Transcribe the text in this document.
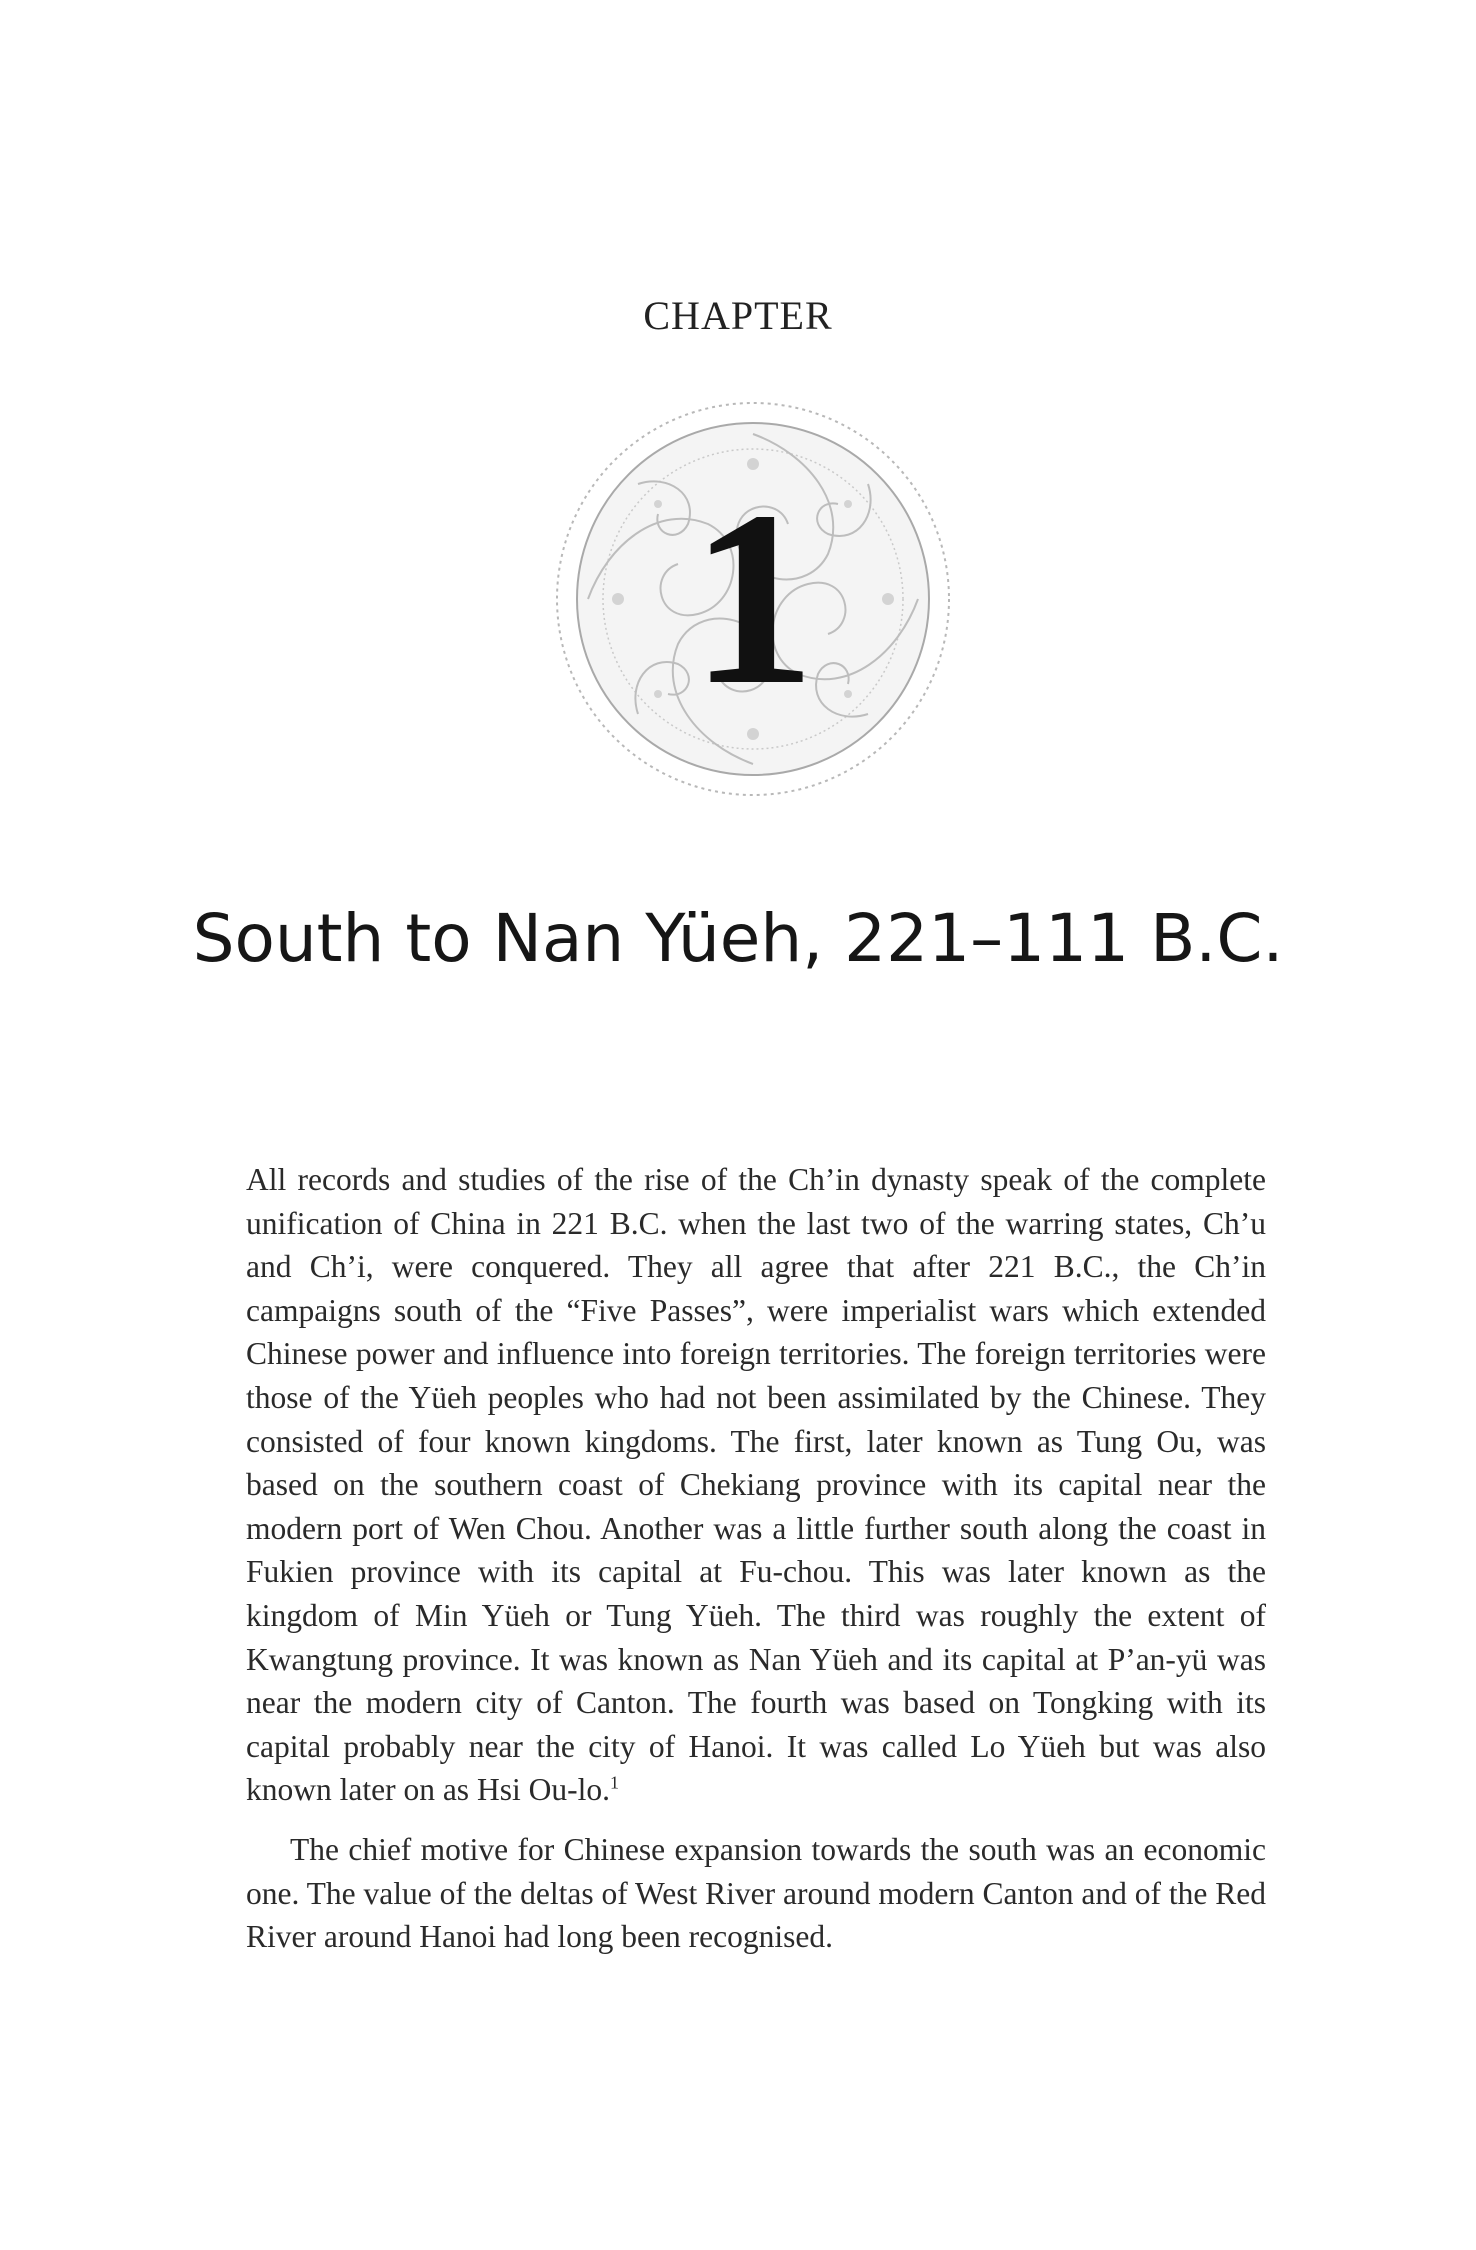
CHAPTER
1
South to Nan Yüeh, 221–111 B.C.

All records and studies of the rise of the Ch’in dynasty speak of the complete unification of China in 221 B.C. when the last two of the warring states, Ch’u and Ch’i, were conquered. They all agree that after 221 B.C., the Ch’in campaigns south of the “Five Passes”, were imperialist wars which extended Chinese power and influence into foreign territories. The foreign territories were those of the Yüeh peoples who had not been assimilated by the Chinese. They consisted of four known kingdoms. The first, later known as Tung Ou, was based on the southern coast of Chekiang province with its capital near the modern port of Wen Chou. Another was a little further south along the coast in Fukien province with its capital at Fu-chou. This was later known as the kingdom of Min Yüeh or Tung Yüeh. The third was roughly the extent of Kwangtung province. It was known as Nan Yüeh and its capital at P’an-yü was near the modern city of Canton. The fourth was based on Tongking with its capital probably near the city of Hanoi. It was called Lo Yüeh but was also known later on as Hsi Ou-lo.$^1$

The chief motive for Chinese expansion towards the south was an economic one. The value of the deltas of West River around modern Canton and of the Red River around Hanoi had long been recognised.
